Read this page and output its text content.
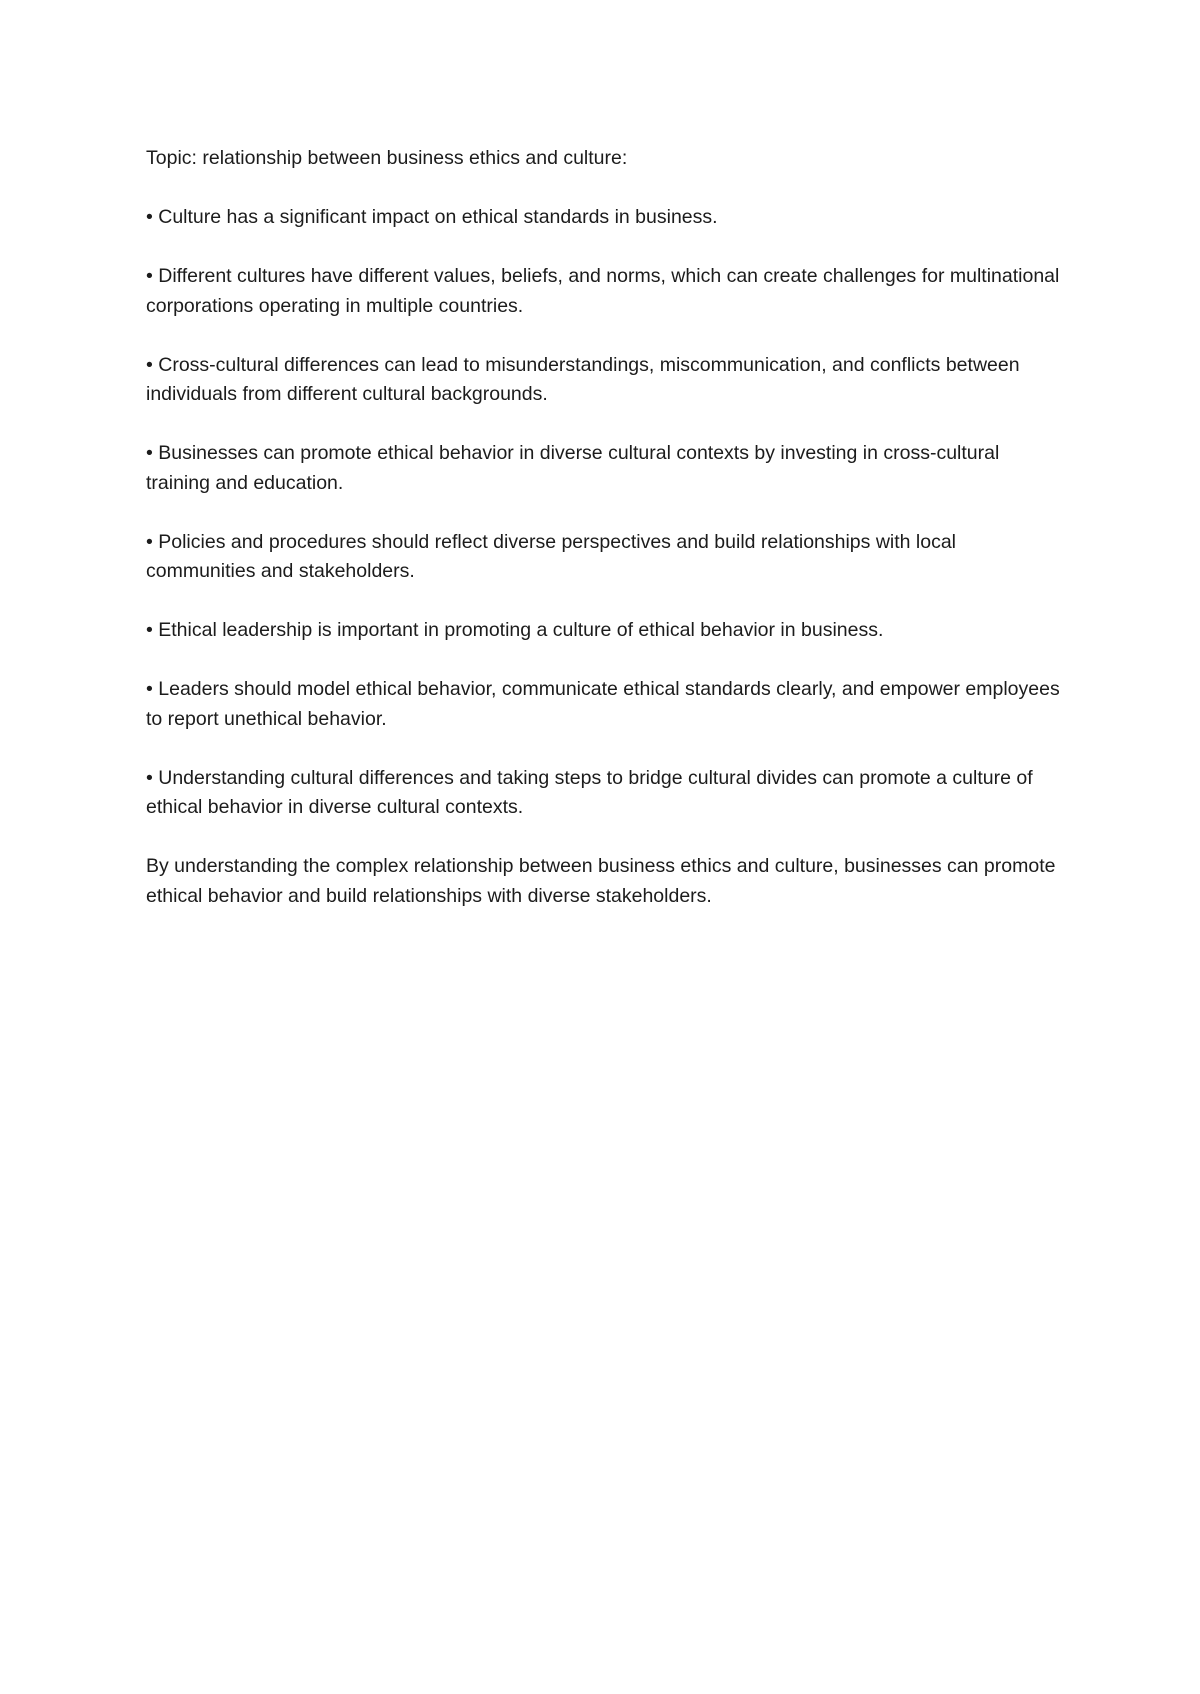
Topic: relationship between business ethics and culture:

• Culture has a significant impact on ethical standards in business.

• Different cultures have different values, beliefs, and norms, which can create challenges for multinational corporations operating in multiple countries.

• Cross-cultural differences can lead to misunderstandings, miscommunication, and conflicts between individuals from different cultural backgrounds.

• Businesses can promote ethical behavior in diverse cultural contexts by investing in cross-cultural training and education.

• Policies and procedures should reflect diverse perspectives and build relationships with local communities and stakeholders.

• Ethical leadership is important in promoting a culture of ethical behavior in business.

• Leaders should model ethical behavior, communicate ethical standards clearly, and empower employees to report unethical behavior.

• Understanding cultural differences and taking steps to bridge cultural divides can promote a culture of ethical behavior in diverse cultural contexts.

By understanding the complex relationship between business ethics and culture, businesses can promote ethical behavior and build relationships with diverse stakeholders.
